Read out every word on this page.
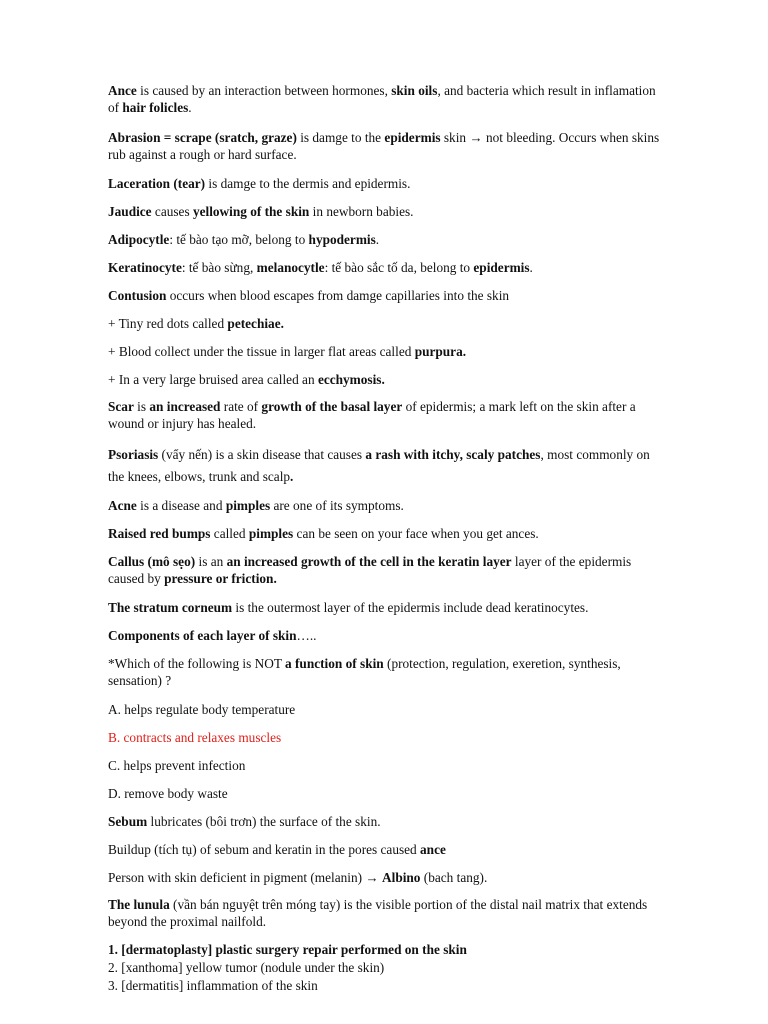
Ance is caused by an interaction between hormones, skin oils, and bacteria which result in inflamation of hair folicles.

Abrasion = scrape (sratch, graze) is damge to the epidermis skin → not bleeding. Occurs when skins rub against a rough or hard surface.

Laceration (tear) is damge to the dermis and epidermis.

Jaudice causes yellowing of the skin in newborn babies.

Adipocytle: tế bào tạo mỡ, belong to hypodermis.

Keratinocyte: tế bào sừng, melanocytle: tế bào sắc tố da, belong to epidermis.

Contusion occurs when blood escapes from damge capillaries into the skin

+ Tiny red dots called petechiae.

+ Blood collect under the tissue in larger flat areas called purpura.

+ In a very large bruised area called an ecchymosis.

Scar is an increased rate of growth of the basal layer of epidermis; a mark left on the skin after a wound or injury has healed.

Psoriasis (vẩy nến) is a skin disease that causes a rash with itchy, scaly patches, most commonly on the knees, elbows, trunk and scalp.

Acne is a disease and pimples are one of its symptoms.

Raised red bumps called pimples can be seen on your face when you get ances.

Callus (mô sẹo) is an an increased growth of the cell in the keratin layer layer of the epidermis caused by pressure or friction.

The stratum corneum is the outermost layer of the epidermis include dead keratinocytes.

Components of each layer of skin…..

*Which of the following is NOT a function of skin (protection, regulation, exeretion, synthesis, sensation) ?

A. helps regulate body temperature

B. contracts and relaxes muscles

C. helps prevent infection

D. remove body waste

Sebum lubricates (bôi trơn) the surface of the skin.

Buildup (tích tụ) of sebum and keratin in the pores caused ance

Person with skin deficient in pigment (melanin) → Albino (bach tang).

The lunula (vần bán nguyệt trên móng tay) is the visible portion of the distal nail matrix that extends beyond the proximal nailfold.

1. [dermatoplasty] plastic surgery repair performed on the skin

2. [xanthoma] yellow tumor (nodule under the skin)

3. [dermatitis] inflammation of the skin
